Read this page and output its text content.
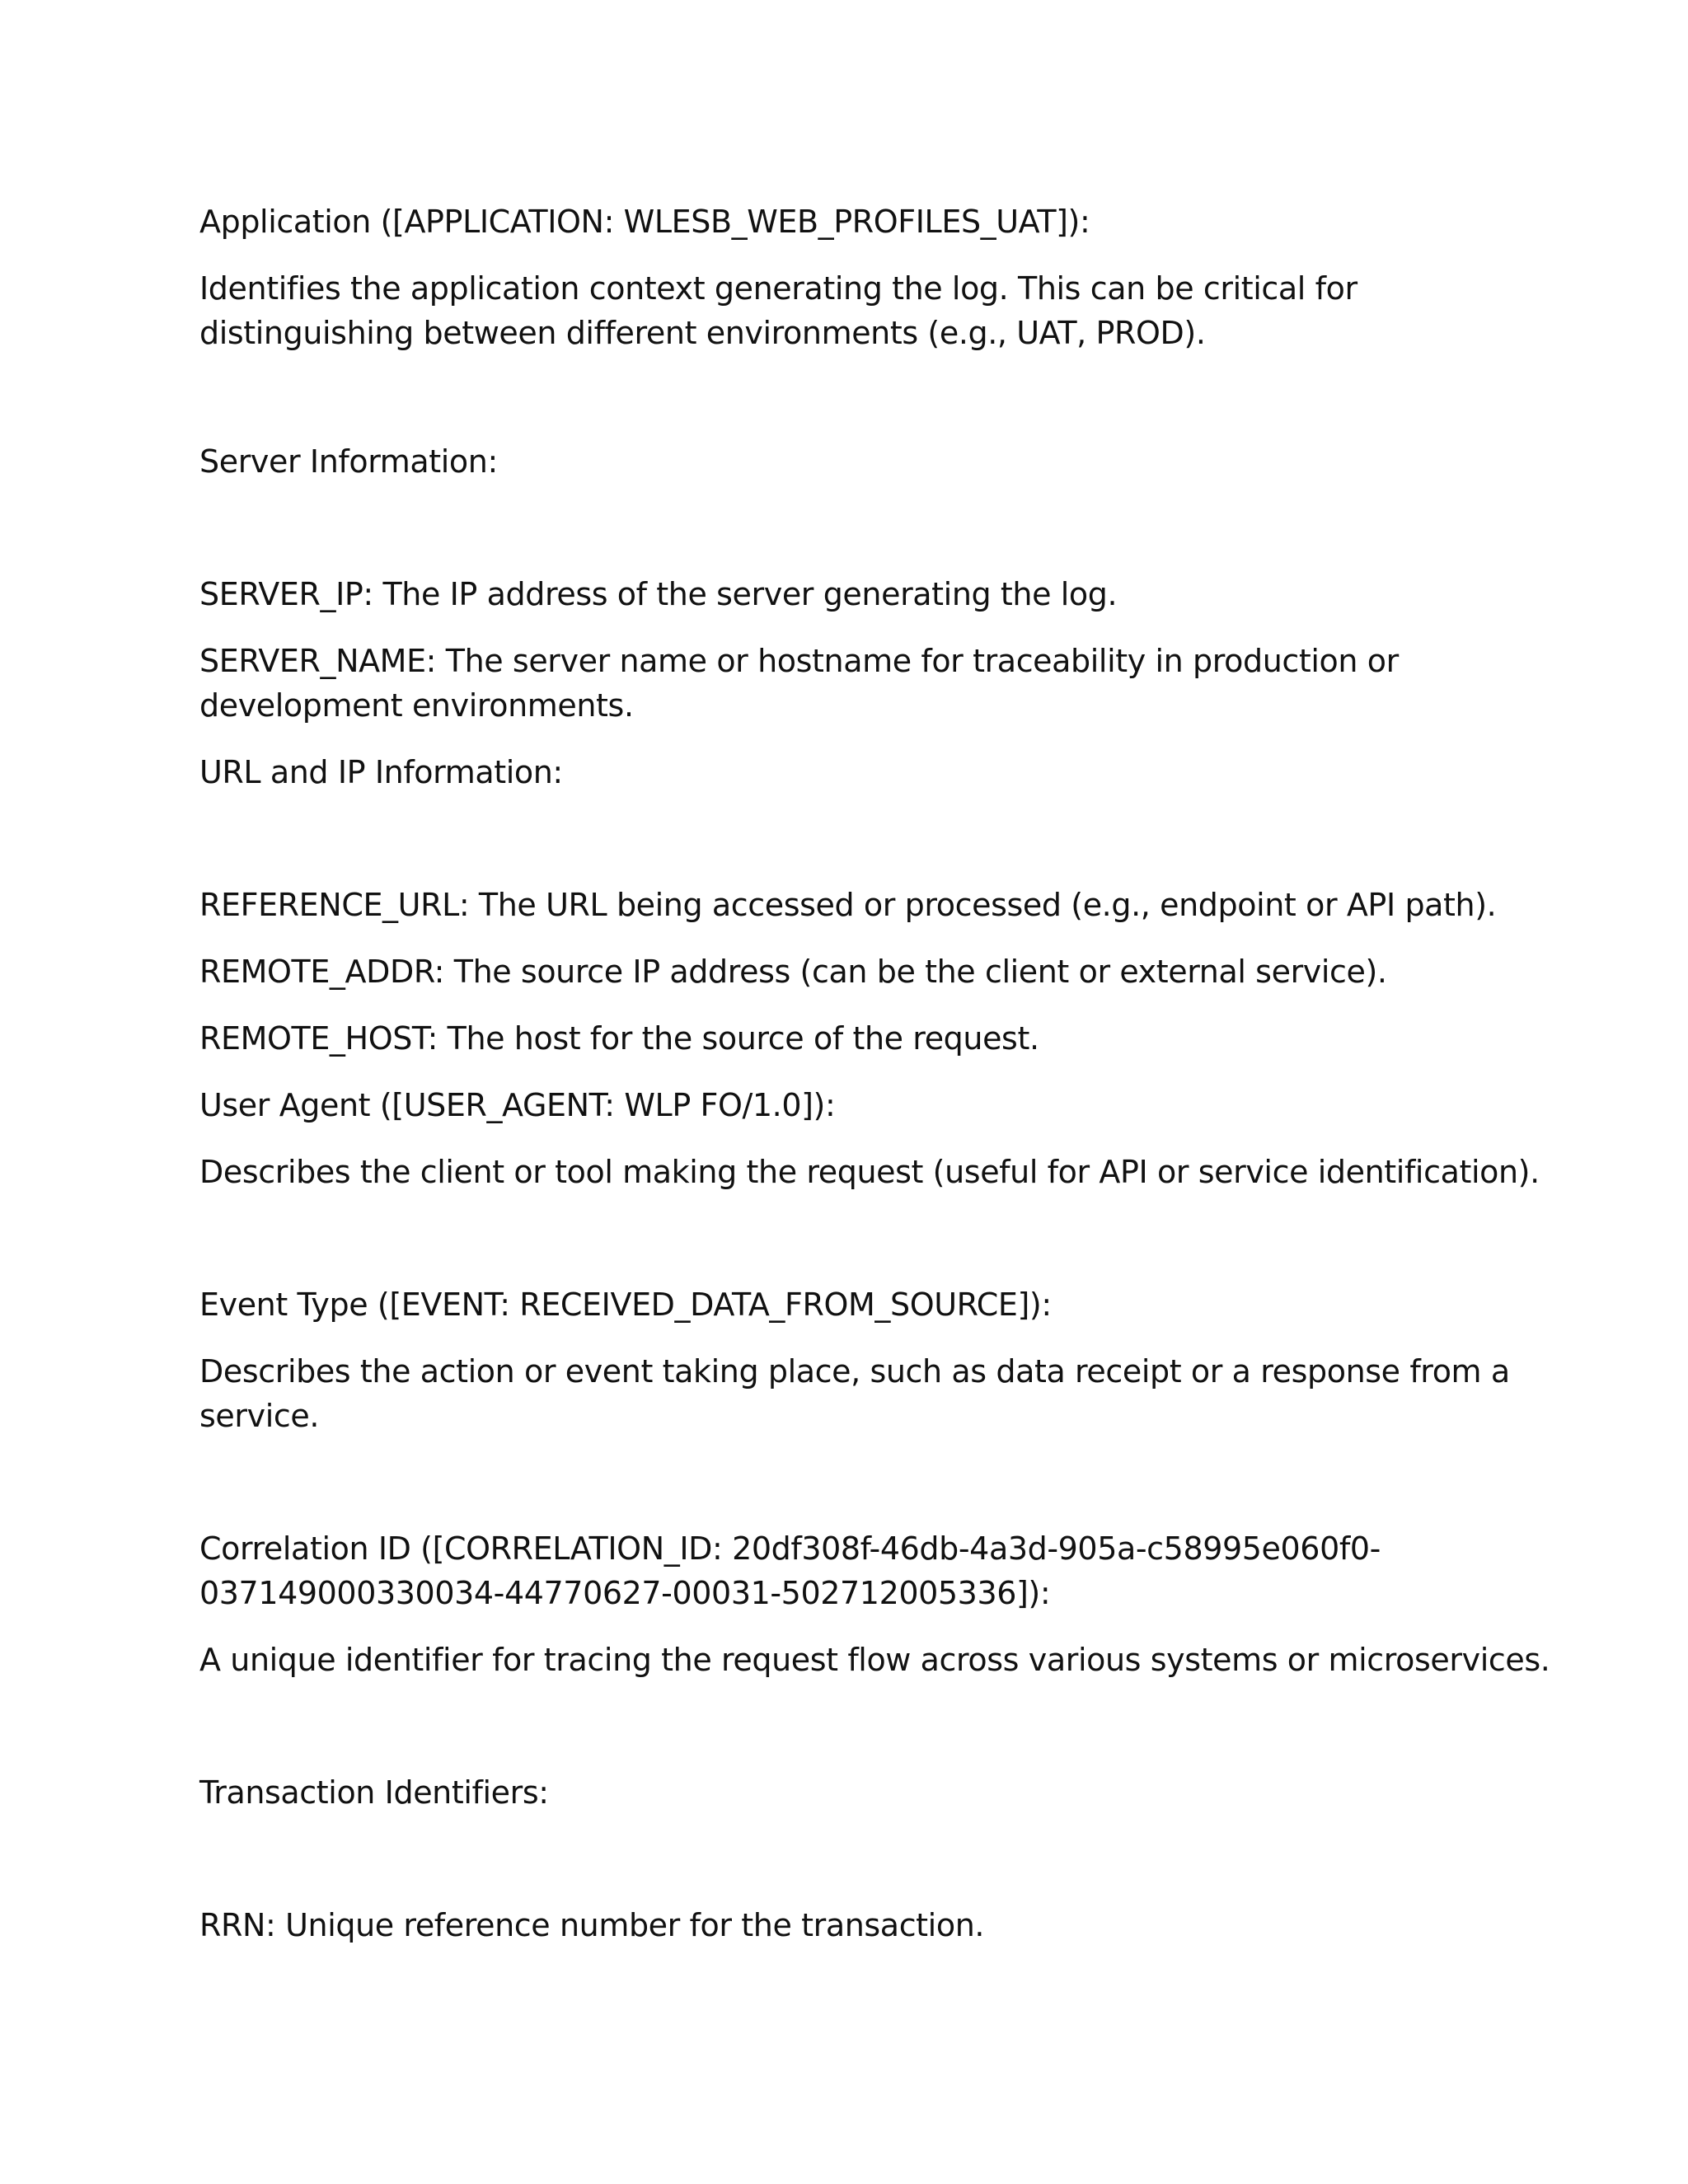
Application ([APPLICATION: WLESB_WEB_PROFILES_UAT]):

Identifies the application context generating the log. This can be critical for distinguishing between different environments (e.g., UAT, PROD).

Server Information:

SERVER_IP: The IP address of the server generating the log.

SERVER_NAME: The server name or hostname for traceability in production or development environments.

URL and IP Information:

REFERENCE_URL: The URL being accessed or processed (e.g., endpoint or API path).

REMOTE_ADDR: The source IP address (can be the client or external service).

REMOTE_HOST: The host for the source of the request.

User Agent ([USER_AGENT: WLP FO/1.0]):

Describes the client or tool making the request (useful for API or service identification).

Event Type ([EVENT: RECEIVED_DATA_FROM_SOURCE]):

Describes the action or event taking place, such as data receipt or a response from a service.

Correlation ID ([CORRELATION_ID: 20df308f-46db-4a3d-905a-c58995e060f0-037149000330034-44770627-00031-502712005336]):

A unique identifier for tracing the request flow across various systems or microservices.

Transaction Identifiers:

RRN: Unique reference number for the transaction.
